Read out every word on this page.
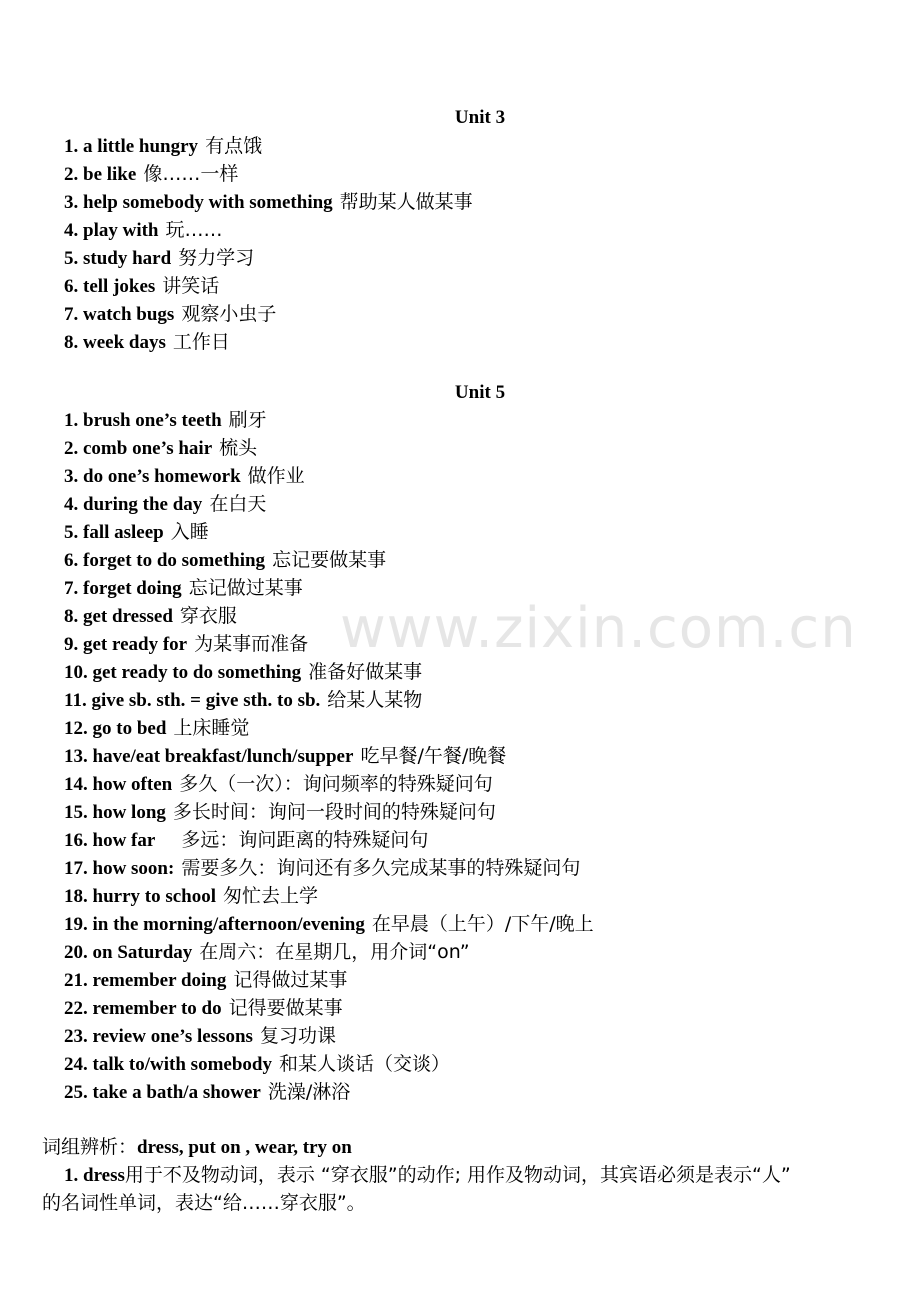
www.zixin.com.cn
Unit 3
1. a little hungry 有点饿
2. be like 像……一样
3. help somebody with something 帮助某人做某事
4. play with 玩……
5. study hard 努力学习
6. tell jokes 讲笑话
7. watch bugs 观察小虫子
8. week days 工作日
Unit 5
1. brush one’s teeth 刷牙
2. comb one’s hair 梳头
3. do one’s homework 做作业
4. during the day 在白天
5. fall asleep 入睡
6. forget to do something 忘记要做某事
7. forget doing 忘记做过某事
8. get dressed 穿衣服
9. get ready for 为某事而准备
10. get ready to do something 准备好做某事
11. give sb. sth. = give sth. to sb. 给某人某物
12. go to bed 上床睡觉
13. have/eat breakfast/lunch/supper 吃早餐/午餐/晚餐
14. how often 多久（一次）：询问频率的特殊疑问句
15. how long 多长时间：询问一段时间的特殊疑问句
16. how far 多远：询问距离的特殊疑问句
17. how soon: 需要多久：询问还有多久完成某事的特殊疑问句
18. hurry to school 匆忙去上学
19. in the morning/afternoon/evening 在早晨（上午）/下午/晚上
20. on Saturday 在周六：在星期几，用介词“on”
21. remember doing 记得做过某事
22. remember to do 记得要做某事
23. review one’s lessons 复习功课
24. talk to/with somebody 和某人谈话（交谈）
25. take a bath/a shower 洗澡/淋浴

词组辨析：dress, put on , wear, try on

1. dress用于不及物动词，表示 “穿衣服”的动作; 用作及物动词，其宾语必须是表示“人”

的名词性单词，表达“给……穿衣服”。
